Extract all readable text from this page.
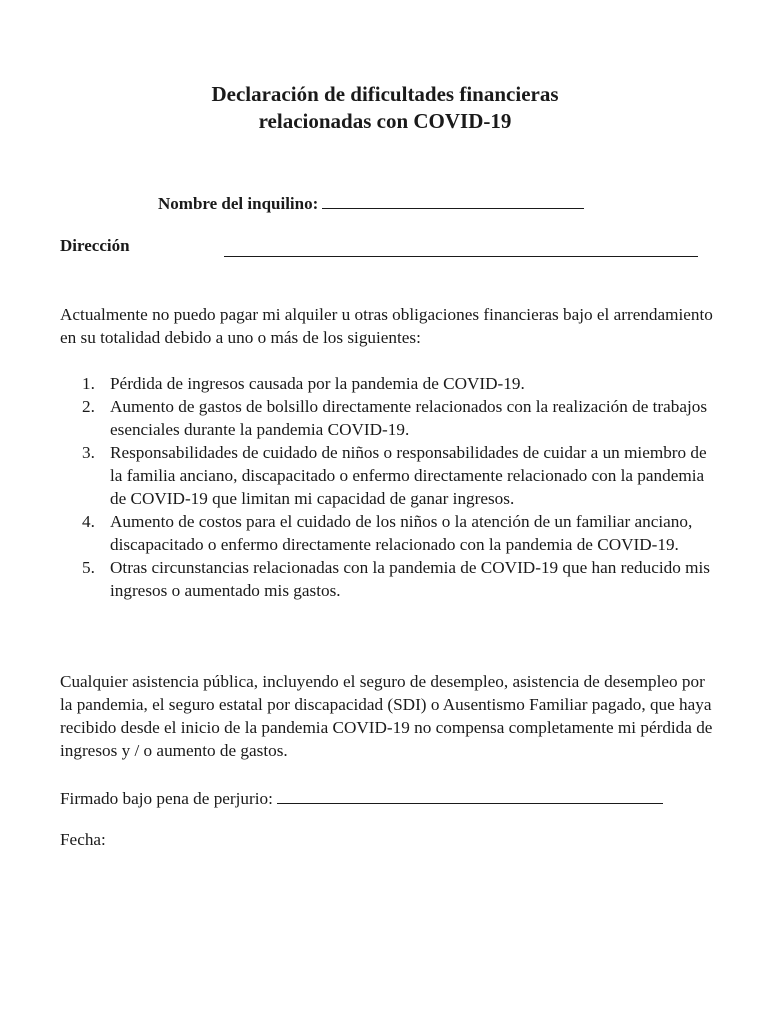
Declaración de dificultades financieras
relacionadas con COVID-19
Nombre del inquilino:
Dirección
Actualmente no puedo pagar mi alquiler u otras obligaciones financieras bajo el arrendamiento en su totalidad debido a uno o más de los siguientes:
1. Pérdida de ingresos causada por la pandemia de COVID-19.
2. Aumento de gastos de bolsillo directamente relacionados con la realización de trabajos esenciales durante la pandemia COVID-19.
3. Responsabilidades de cuidado de niños o responsabilidades de cuidar a un miembro de la familia anciano, discapacitado o enfermo directamente relacionado con la pandemia de COVID-19 que limitan mi capacidad de ganar ingresos.
4. Aumento de costos para el cuidado de los niños o la atención de un familiar anciano, discapacitado o enfermo directamente relacionado con la pandemia de COVID-19.
5. Otras circunstancias relacionadas con la pandemia de COVID-19 que han reducido mis ingresos o aumentado mis gastos.
Cualquier asistencia pública, incluyendo el seguro de desempleo, asistencia de desempleo por la pandemia, el seguro estatal por discapacidad (SDI) o Ausentismo Familiar pagado, que haya recibido desde el inicio de la pandemia COVID-19 no compensa completamente mi pérdida de ingresos y / o aumento de gastos.
Firmado bajo pena de perjurio:
Fecha:
